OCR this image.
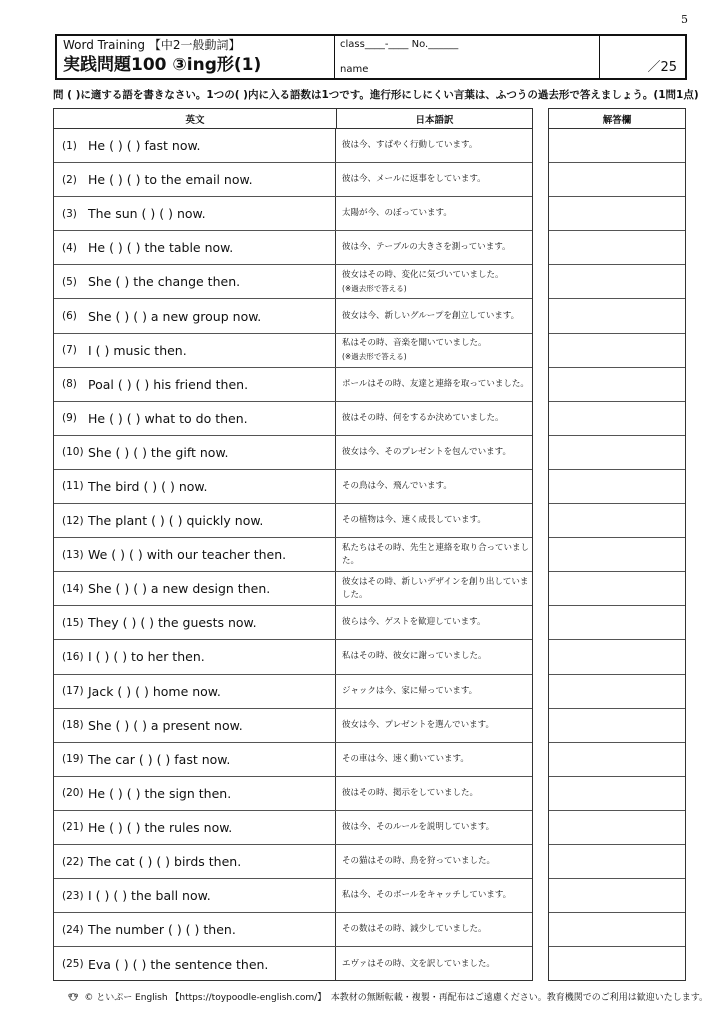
5
Word Training 【中2一般動詞】
実践問題100 ③ing形(1)
class____-____ No.______
name	／25
問 ( )に適する語を書きなさい。1つの( )内に入る語数は1つです。進行形にしにくい言葉は、ふつうの過去形で答えましょう。(1問1点)
英文	日本語訳
(1) He ( ) ( ) fast now.	彼は今、すばやく行動しています。
(2) He ( ) ( ) to the email now.	彼は今、メールに返事をしています。
(3) The sun ( ) ( ) now.	太陽が今、のぼっています。
(4) He ( ) ( ) the table now.	彼は今、テーブルの大きさを測っています。
(5) She ( ) the change then.	彼女はその時、変化に気づいていました。
(※過去形で答える)
(6) She ( ) ( ) a new group now.	彼女は今、新しいグループを創立しています。
(7) I ( ) music then.	私はその時、音楽を聞いていました。
(※過去形で答える)
(8) Poal ( ) ( ) his friend then.	ポールはその時、友達と連絡を取っていました。
(9) He ( ) ( ) what to do then.	彼はその時、何をするか決めていました。
(10) She ( ) ( ) the gift now.	彼女は今、そのプレゼントを包んでいます。
(11) The bird ( ) ( ) now.	その鳥は今、飛んでいます。
(12) The plant ( ) ( ) quickly now.	その植物は今、速く成長しています。
(13) We ( ) ( ) with our teacher then.	私たちはその時、先生と連絡を取り合っていました。
(14) She ( ) ( ) a new design then.	彼女はその時、新しいデザインを創り出していました。
(15) They ( ) ( ) the guests now.	彼らは今、ゲストを歓迎しています。
(16) I ( ) ( ) to her then.	私はその時、彼女に謝っていました。
(17) Jack ( ) ( ) home now.	ジャックは今、家に帰っています。
(18) She ( ) ( ) a present now.	彼女は今、プレゼントを選んでいます。
(19) The car ( ) ( ) fast now.	その車は今、速く動いています。
(20) He ( ) ( ) the sign then.	彼はその時、掲示をしていました。
(21) He ( ) ( ) the rules now.	彼は今、そのルールを説明しています。
(22) The cat ( ) ( ) birds then.	その猫はその時、鳥を狩っていました。
(23) I ( ) ( ) the ball now.	私は今、そのボールをキャッチしています。
(24) The number ( ) ( ) then.	その数はその時、減少していました。
(25) Eva ( ) ( ) the sentence then.	エヴァはその時、文を訳していました。
解答欄
© といぷー English 【https://toypoodle-english.com/】　本教材の無断転載・複製・再配布はご遠慮ください。教育機関でのご利用は歓迎いたします。
